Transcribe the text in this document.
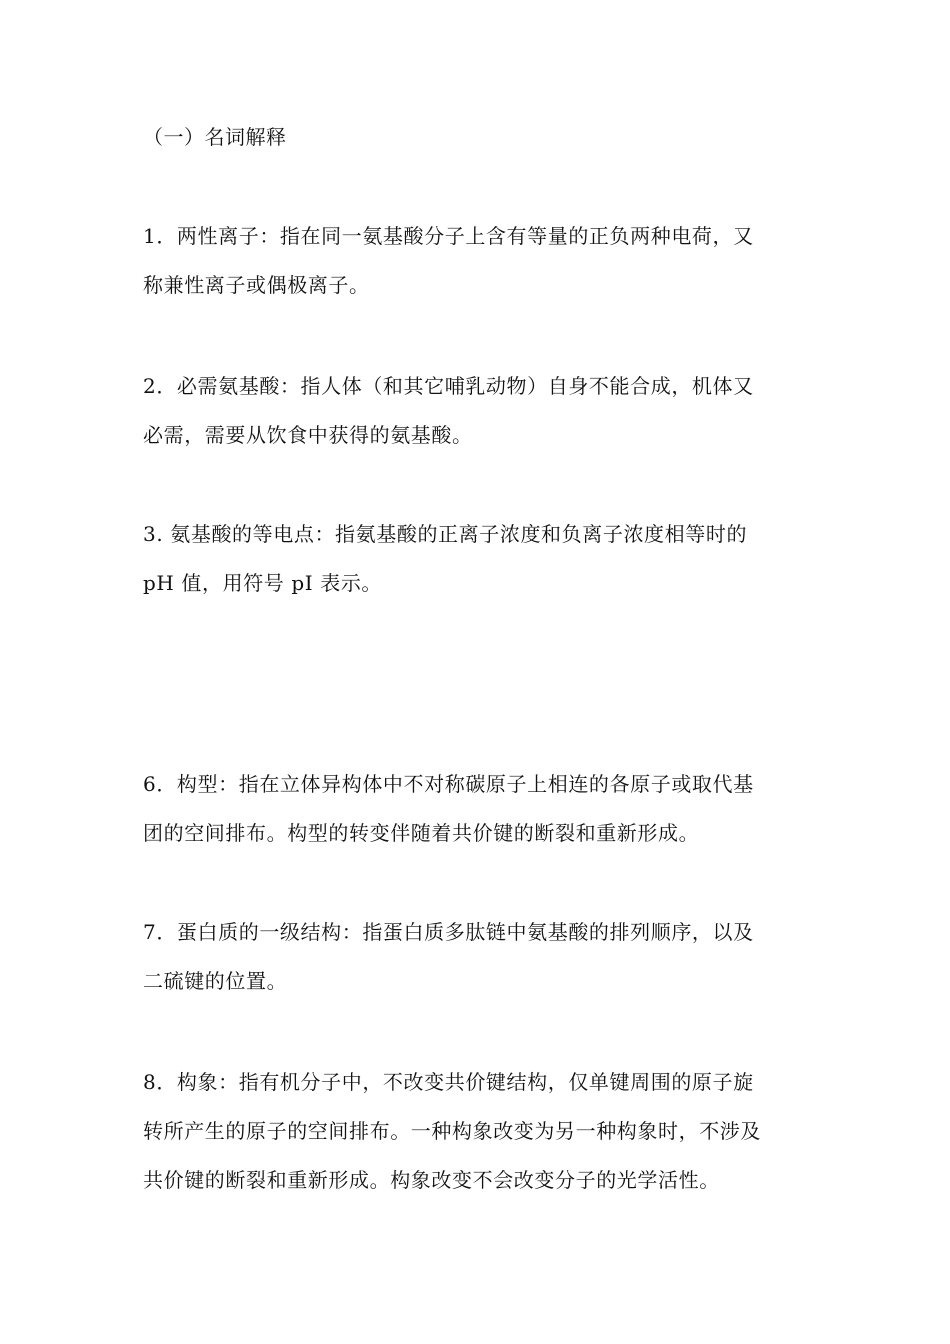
（一）名词解释
1．两性离子：指在同一氨基酸分子上含有等量的正负两种电荷，又
称兼性离子或偶极离子。
2．必需氨基酸：指人体（和其它哺乳动物）自身不能合成，机体又
必需，需要从饮食中获得的氨基酸。
3. 氨基酸的等电点：指氨基酸的正离子浓度和负离子浓度相等时的
pH 值，用符号 pI 表示。
6．构型：指在立体异构体中不对称碳原子上相连的各原子或取代基
团的空间排布。构型的转变伴随着共价键的断裂和重新形成。
7．蛋白质的一级结构：指蛋白质多肽链中氨基酸的排列顺序，以及
二硫键的位置。
8．构象：指有机分子中，不改变共价键结构，仅单键周围的原子旋
转所产生的原子的空间排布。一种构象改变为另一种构象时，不涉及
共价键的断裂和重新形成。构象改变不会改变分子的光学活性。
